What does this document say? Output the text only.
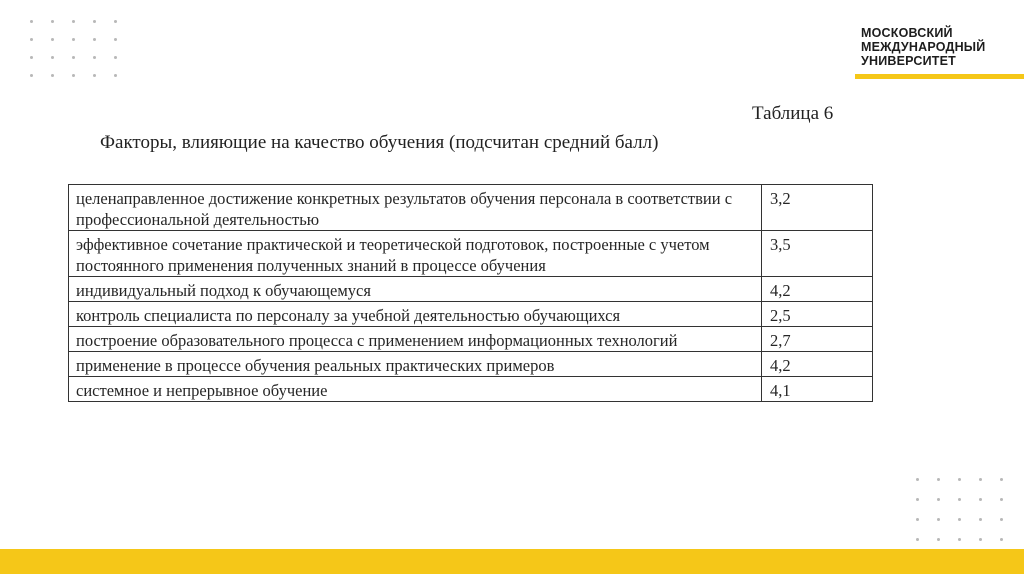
МОСКОВСКИЙ
МЕЖДУНАРОДНЫЙ
УНИВЕРСИТЕТ
Таблица 6
Факторы, влияющие на качество обучения (подсчитан средний балл)
целенаправленное достижение конкретных результатов обучения персонала в соответствии с профессиональной деятельностью	3,2
эффективное сочетание практической и теоретической подготовок, построенные с учетом постоянного применения полученных знаний в процессе обучения	3,5
индивидуальный подход к обучающемуся	4,2
контроль специалиста по персоналу за учебной деятельностью обучающихся	2,5
построение образовательного процесса с применением информационных технологий	2,7
применение в процессе обучения реальных практических примеров	4,2
системное и непрерывное обучение	4,1
